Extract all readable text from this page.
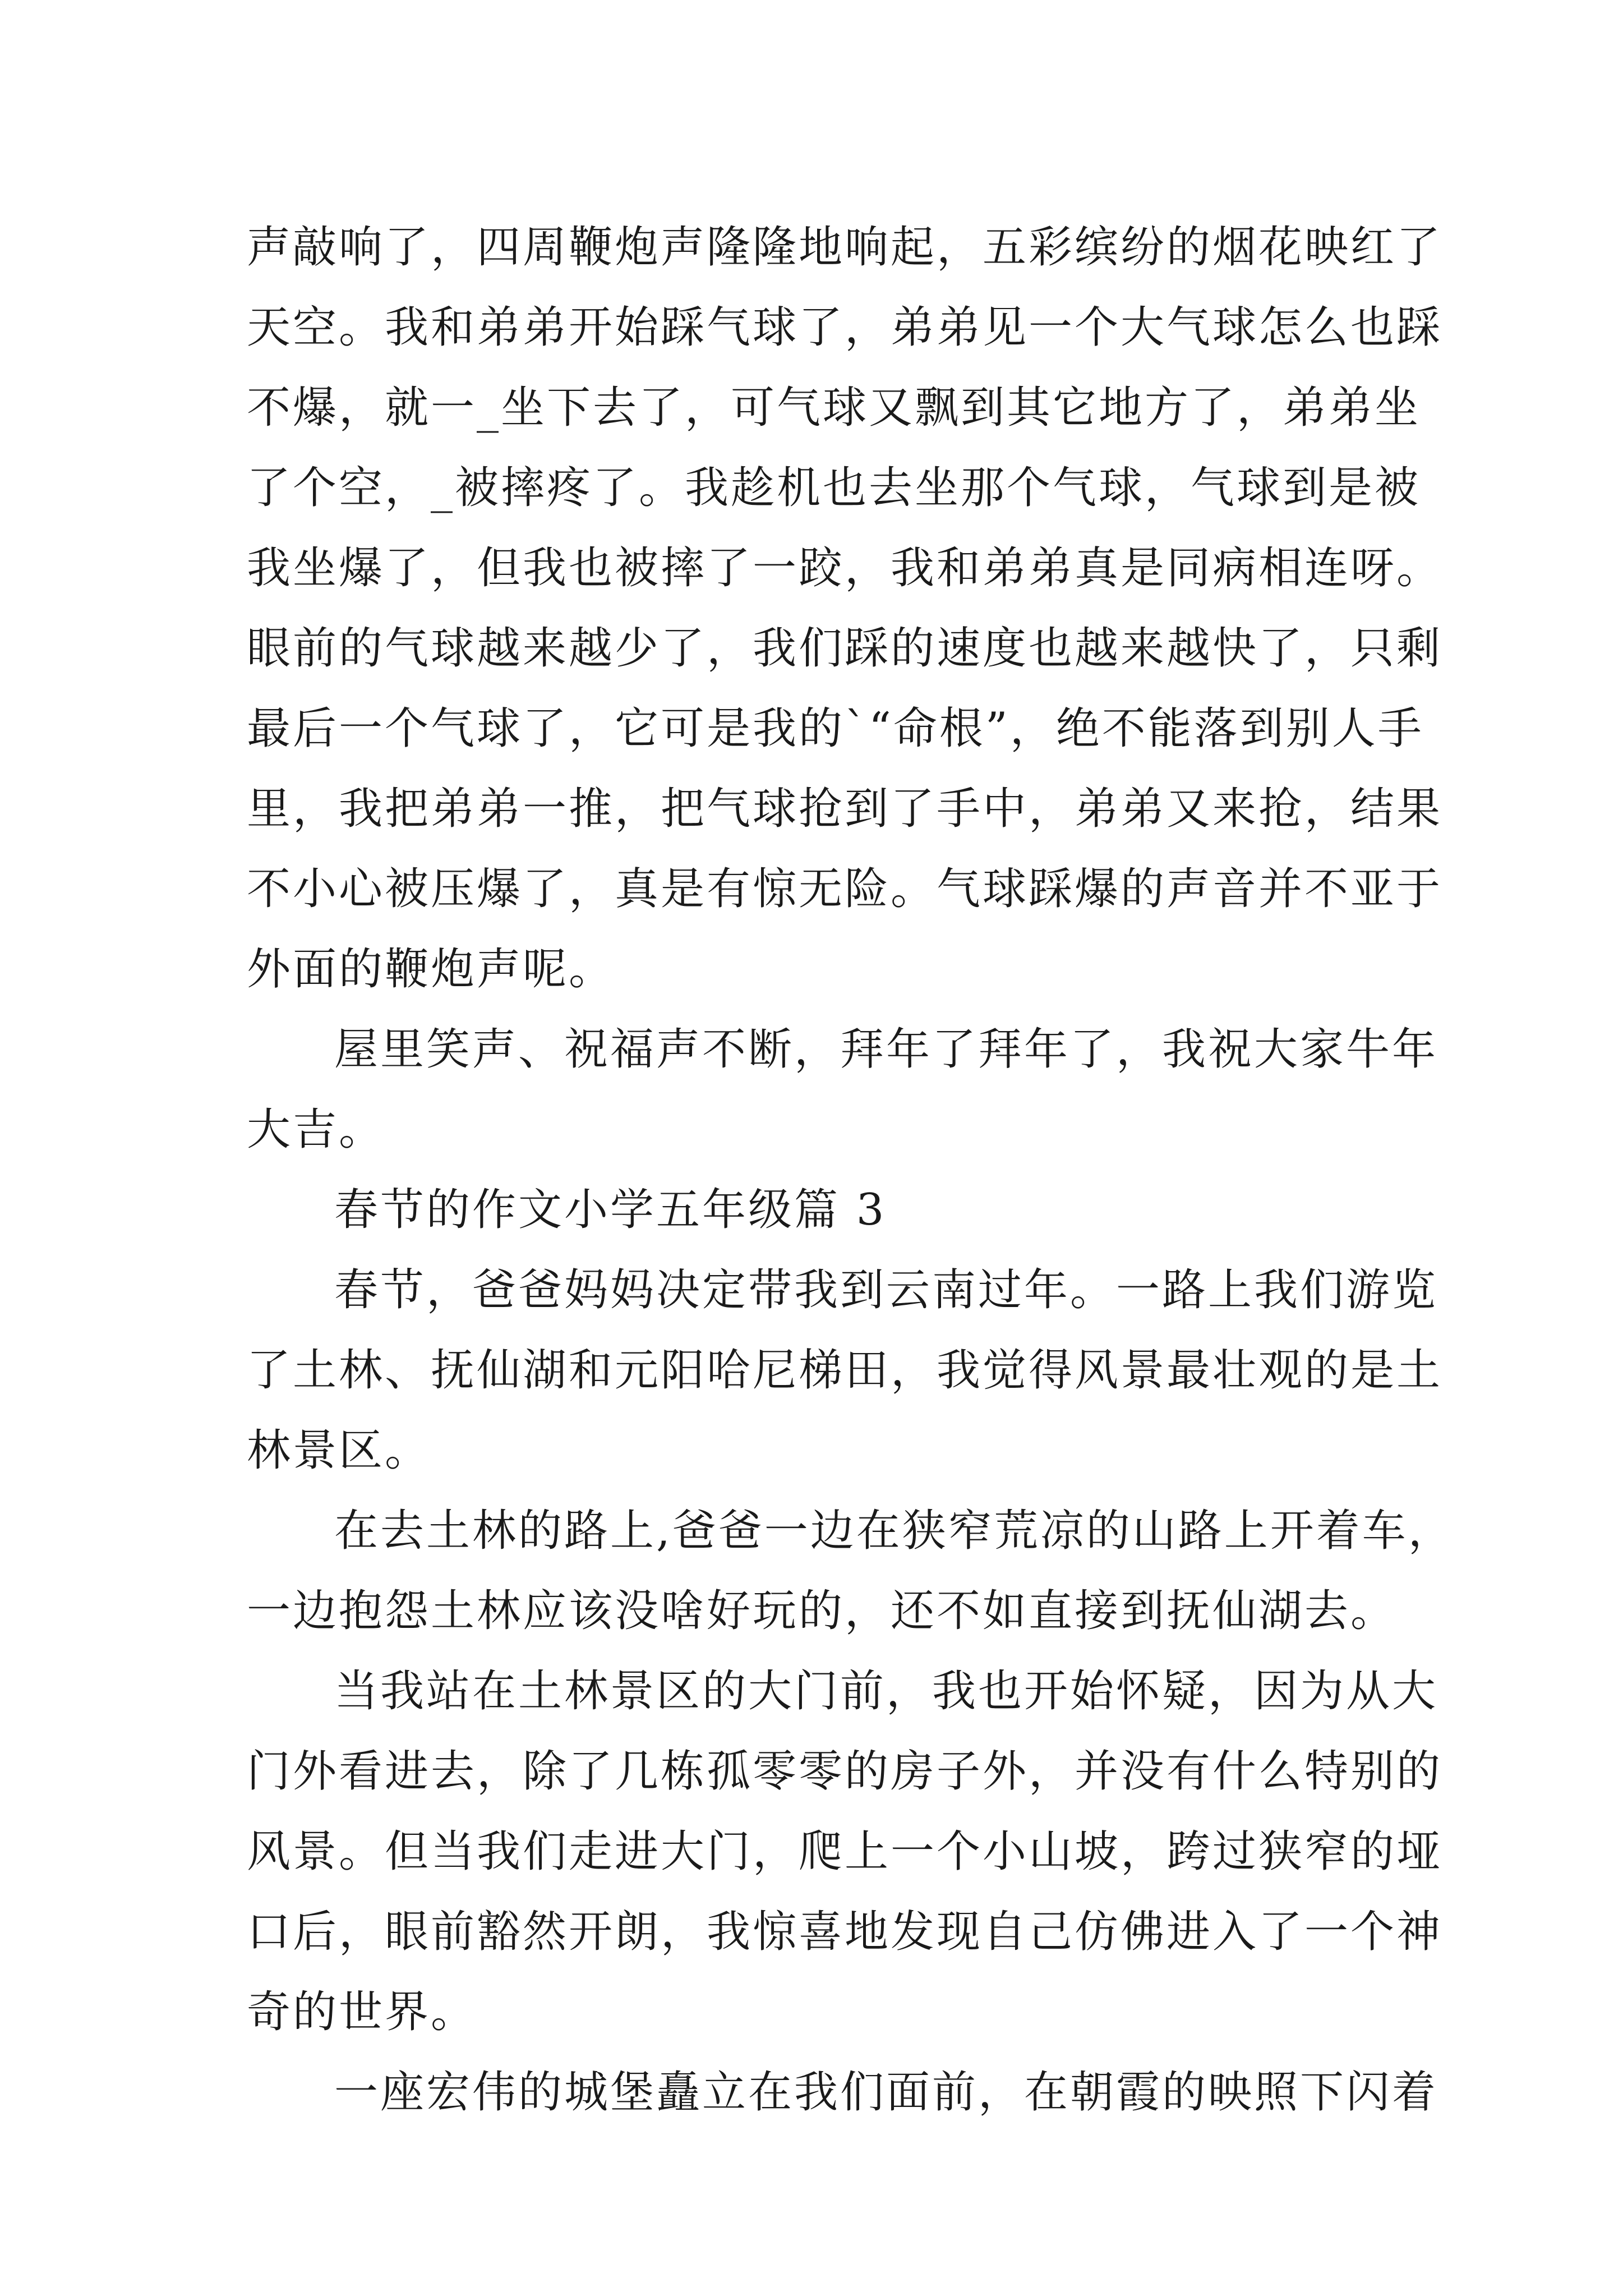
声敲响了，四周鞭炮声隆隆地响起，五彩缤纷的烟花映红了
天空。我和弟弟开始踩气球了，弟弟见一个大气球怎么也踩
不爆，就一_坐下去了，可气球又飘到其它地方了，弟弟坐
了个空，_被摔疼了。我趁机也去坐那个气球，气球到是被
我坐爆了，但我也被摔了一跤，我和弟弟真是同病相连呀。
眼前的气球越来越少了，我们踩的速度也越来越快了，只剩
最后一个气球了，它可是我的`“命根”，绝不能落到别人手
里，我把弟弟一推，把气球抢到了手中，弟弟又来抢，结果
不小心被压爆了，真是有惊无险。气球踩爆的声音并不亚于
外面的鞭炮声呢。
屋里笑声、祝福声不断，拜年了拜年了，我祝大家牛年
大吉。
春节的作文小学五年级篇 3
春节，爸爸妈妈决定带我到云南过年。一路上我们游览
了土林、抚仙湖和元阳哈尼梯田，我觉得风景最壮观的是土
林景区。
在去土林的路上,爸爸一边在狭窄荒凉的山路上开着车，
一边抱怨土林应该没啥好玩的，还不如直接到抚仙湖去。
当我站在土林景区的大门前，我也开始怀疑，因为从大
门外看进去，除了几栋孤零零的房子外，并没有什么特别的
风景。但当我们走进大门，爬上一个小山坡，跨过狭窄的垭
口后，眼前豁然开朗，我惊喜地发现自己仿佛进入了一个神
奇的世界。
一座宏伟的城堡矗立在我们面前，在朝霞的映照下闪着
